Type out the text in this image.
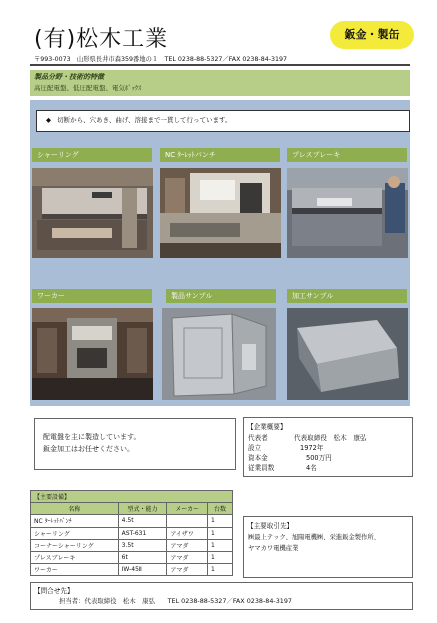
(有)松木工業	鈑金・製缶
〒993-0073　山形県長井市森359番地の１　TEL 0238-88-5327／FAX 0238-84-3197
製品分野・技術的特徴
高圧配電盤、低圧配電盤、電気ﾎﾞｯｸｽ
◆ 切断から、穴あき、曲げ、溶接まで一貫して行っています。
シャーリング	NC ﾀｰﾚｯﾄパンチ	プレスブレーキ
ワーカー	製品サンプル	加工サンプル
配電盤を主に製造しています。
鈑金加工はお任せください。
【企業概要】
代表者	代表取締役　松木　康弘
設立	1972年
資本金	500万円
従業員数	4名
【主要設備】			
名称	型式・能力	メーカー	台数
NC ﾀｰﾚｯﾄﾊﾟﾝﾁ	4.5t		1
シャーリング	AST-631	アイザワ	1
コーナーシャーリング	3.5t	アマダ	1
プレスブレーキ	6t	アマダ	1
ワーカー	IW-45Ⅱ	アマダ	1
【主要取引先】
㈱最上テック、旭陽電機㈱、栄進鈑金製作所、
ヤマカワ電機産業
【問合せ先】
担当者：代表取締役　松木　康弘　　TEL 0238-88-5327／FAX 0238-84-3197
